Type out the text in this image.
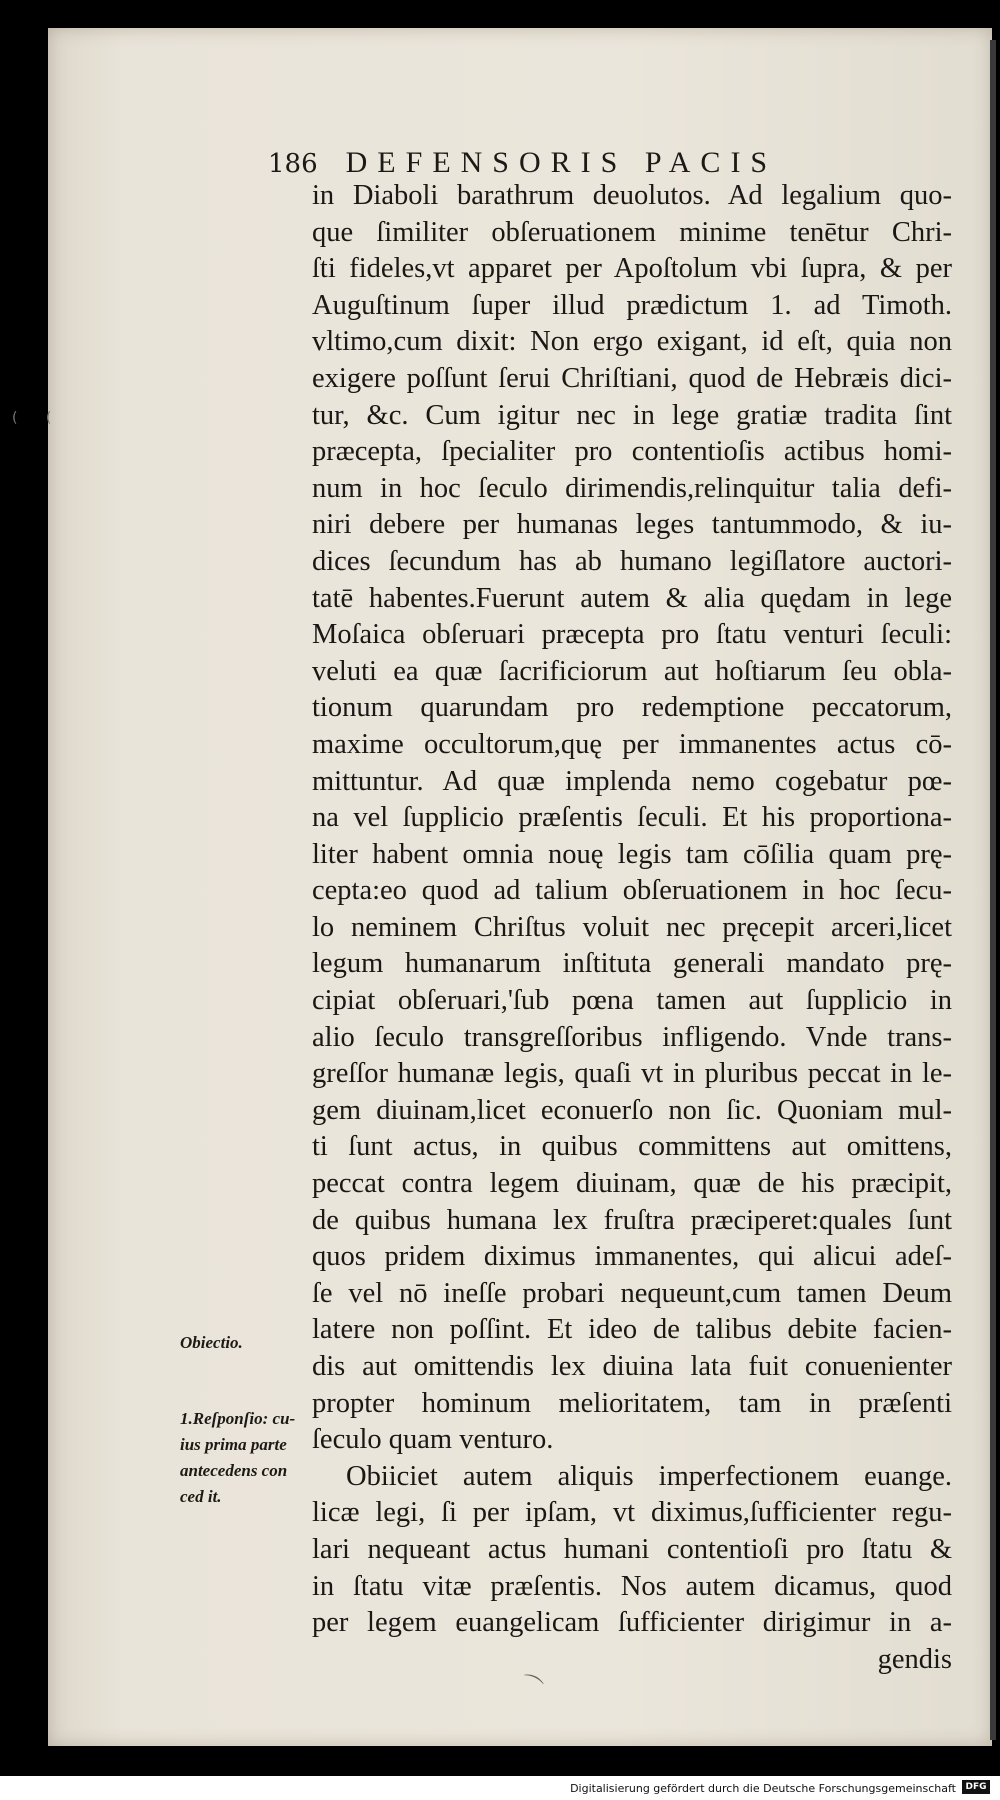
( (
186 DEFENSORIS PACIS
in Diaboli barathrum deuolutos. Ad legalium quo-
que ſimiliter obſeruationem minime tenētur Chri-
ſti fideles,vt apparet per Apoſtolum vbi ſupra, & per
Auguſtinum ſuper illud prædictum 1. ad Timoth.
vltimo,cum dixit: Non ergo exigant, id eſt, quia non
exigere poſſunt ſerui Chriſtiani, quod de Hebræis dici-
tur, &c. Cum igitur nec in lege gratiæ tradita ſint
præcepta, ſpecialiter pro contentioſis actibus homi-
num in hoc ſeculo dirimendis,relinquitur talia defi-
niri debere per humanas leges tantummodo, & iu-
dices ſecundum has ab humano legiſlatore auctori-
tatē habentes.Fuerunt autem & alia quędam in lege
Moſaica obſeruari præcepta pro ſtatu venturi ſeculi:
veluti ea quæ ſacrificiorum aut hoſtiarum ſeu obla-
tionum quarundam pro redemptione peccatorum,
maxime occultorum,quę per immanentes actus cō-
mittuntur. Ad quæ implenda nemo cogebatur pœ-
na vel ſupplicio præſentis ſeculi. Et his proportiona-
liter habent omnia nouę legis tam cōſilia quam prę-
cepta:eo quod ad talium obſeruationem in hoc ſecu-
lo neminem Chriſtus voluit nec pręcepit arceri,licet
legum humanarum inſtituta generali mandato prę-
cipiat obſeruari,'ſub pœna tamen aut ſupplicio in
alio ſeculo transgreſſoribus infligendo. Vnde trans-
greſſor humanæ legis, quaſi vt in pluribus peccat in le-
gem diuinam,licet econuerſo non ſic. Quoniam mul-
ti ſunt actus, in quibus committens aut omittens,
peccat contra legem diuinam, quæ de his præcipit,
de quibus humana lex fruſtra præciperet:quales ſunt
quos pridem diximus immanentes, qui alicui adeſ-
ſe vel nō ineſſe probari nequeunt,cum tamen Deum
latere non poſſint. Et ideo de talibus debite facien-
dis aut omittendis lex diuina lata fuit conuenienter
propter hominum melioritatem, tam in præſenti
ſeculo quam venturo.
Obiiciet autem aliquis imperfectionem euange.
licæ legi, ſi per ipſam, vt diximus,ſufficienter regu-
lari nequeant actus humani contentioſi pro ſtatu &
in ſtatu vitæ præſentis. Nos autem dicamus, quod
per legem euangelicam ſufficienter dirigimur in a-
gendis
Obiectio.
1.Reſponſio: cu-
ius prima parte
antecedens con
ced it.
⌒
Digitalisierung gefördert durch die Deutsche Forschungsgemeinschaft	DFG
